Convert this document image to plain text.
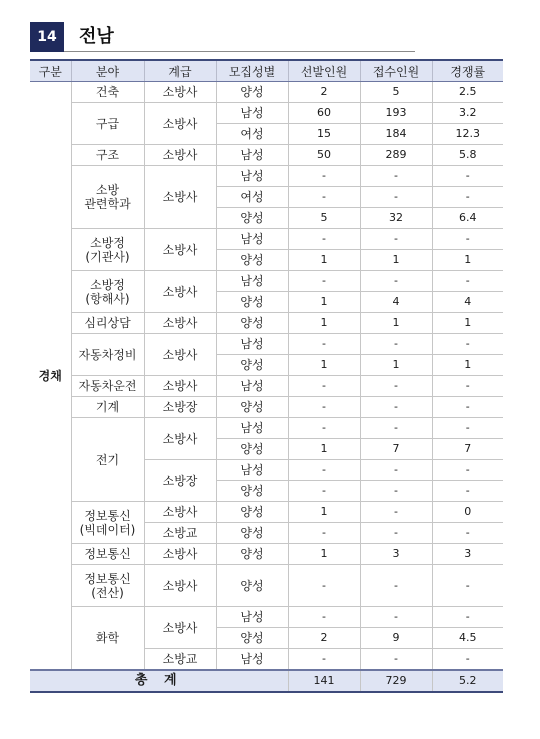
14	전남
구분	분야	계급	모집성별	선발인원	접수인원	경쟁률
경채	건축	소방사	양성	2	5	2.5

	구급	소방사	남성	60	193	3.2
			여성	15	184	12.3

	구조	소방사	남성	50	289	5.8

	소방
관련학과	소방사	남성	-	-	-
			여성	-	-	-
			양성	5	32	6.4

	소방정
(기관사)	소방사	남성	-	-	-
			양성	1	1	1

	소방정
(항해사)	소방사	남성	-	-	-
			양성	1	4	4

	심리상담	소방사	양성	1	1	1

	자동차정비	소방사	남성	-	-	-
			양성	1	1	1

	자동차운전	소방사	남성	-	-	-

	기계	소방장	양성	-	-	-

	전기	소방사	남성	-	-	-
			양성	1	7	7
		소방장	남성	-	-	-
			양성	-	-	-

	정보통신
(빅데이터)	소방사	양성	1	-	0
		소방교	양성	-	-	-

	정보통신	소방사	양성	1	3	3

	정보통신
(전산)	소방사	양성	-	-	-

	화학	소방사	남성	-	-	-
			양성	2	9	4.5
		소방교	남성	-	-	-
총 계				141	729	5.2
